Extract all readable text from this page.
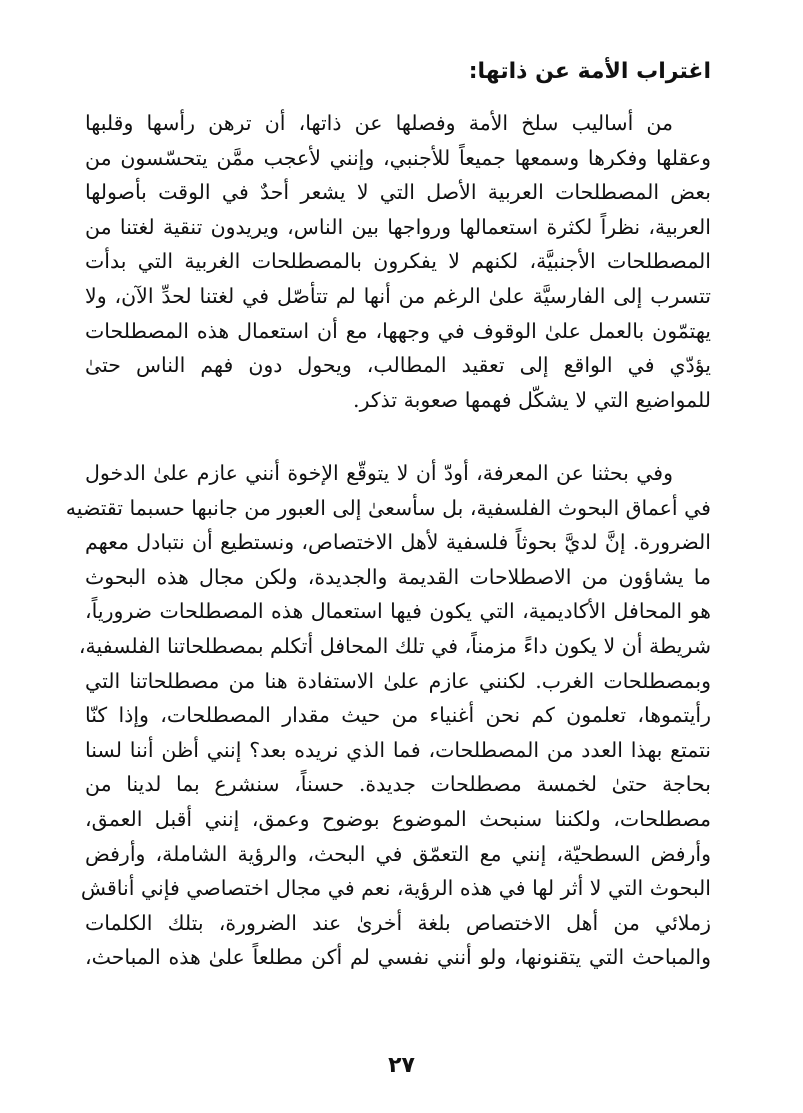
اغتراب الأمة عن ذاتها:

من أساليب سلخ الأمة وفصلها عن ذاتها، أن ترهن رأسها وقلبها
وعقلها وفكرها وسمعها جميعاً للأجنبي، وإنني لأعجب ممَّن يتحسّسون من
بعض المصطلحات العربية الأصل التي لا يشعر أحدٌ في الوقت بأصولها
العربية، نظراً لكثرة استعمالها ورواجها بين الناس، ويريدون تنقية لغتنا من
المصطلحات الأجنبيَّة، لكنهم لا يفكرون بالمصطلحات الغربية التي بدأت
تتسرب إلى الفارسيَّة علىٰ الرغم من أنها لم تتأصّل في لغتنا لحدِّ الآن، ولا
يهتمّون بالعمل علىٰ الوقوف في وجهها، مع أن استعمال هذه المصطلحات
يؤدّي في الواقع إلى تعقيد المطالب، ويحول دون فهم الناس حتىٰ
للمواضيع التي لا يشكّل فهمها صعوبة تذكر.

وفي بحثنا عن المعرفة، أودّ أن لا يتوقّع الإخوة أنني عازم علىٰ الدخول
في أعماق البحوث الفلسفية، بل سأسعىٰ إلى العبور من جانبها حسبما تقتضيه
الضرورة. إنَّ لديَّ بحوثاً فلسفية لأهل الاختصاص، ونستطيع أن نتبادل معهم
ما يشاؤون من الاصطلاحات القديمة والجديدة، ولكن مجال هذه البحوث
هو المحافل الأكاديمية، التي يكون فيها استعمال هذه المصطلحات ضرورياً،
شريطة أن لا يكون داءً مزمناً، في تلك المحافل أتكلم بمصطلحاتنا الفلسفية،
وبمصطلحات الغرب. لكنني عازم علىٰ الاستفادة هنا من مصطلحاتنا التي
رأيتموها، تعلمون كم نحن أغنياء من حيث مقدار المصطلحات، وإذا كنّا
نتمتع بهذا العدد من المصطلحات، فما الذي نريده بعد؟ إنني أظن أننا لسنا
بحاجة حتىٰ لخمسة مصطلحات جديدة. حسناً، سنشرع بما لدينا من
مصطلحات، ولكننا سنبحث الموضوع بوضوح وعمق، إنني أقبل العمق،
وأرفض السطحيّة، إنني مع التعمّق في البحث، والرؤية الشاملة، وأرفض
البحوث التي لا أثر لها في هذه الرؤية، نعم في مجال اختصاصي فإني أناقش
زملائي من أهل الاختصاص بلغة أخرىٰ عند الضرورة، بتلك الكلمات
والمباحث التي يتقنونها، ولو أنني نفسي لم أكن مطلعاً علىٰ هذه المباحث،

٢٧
